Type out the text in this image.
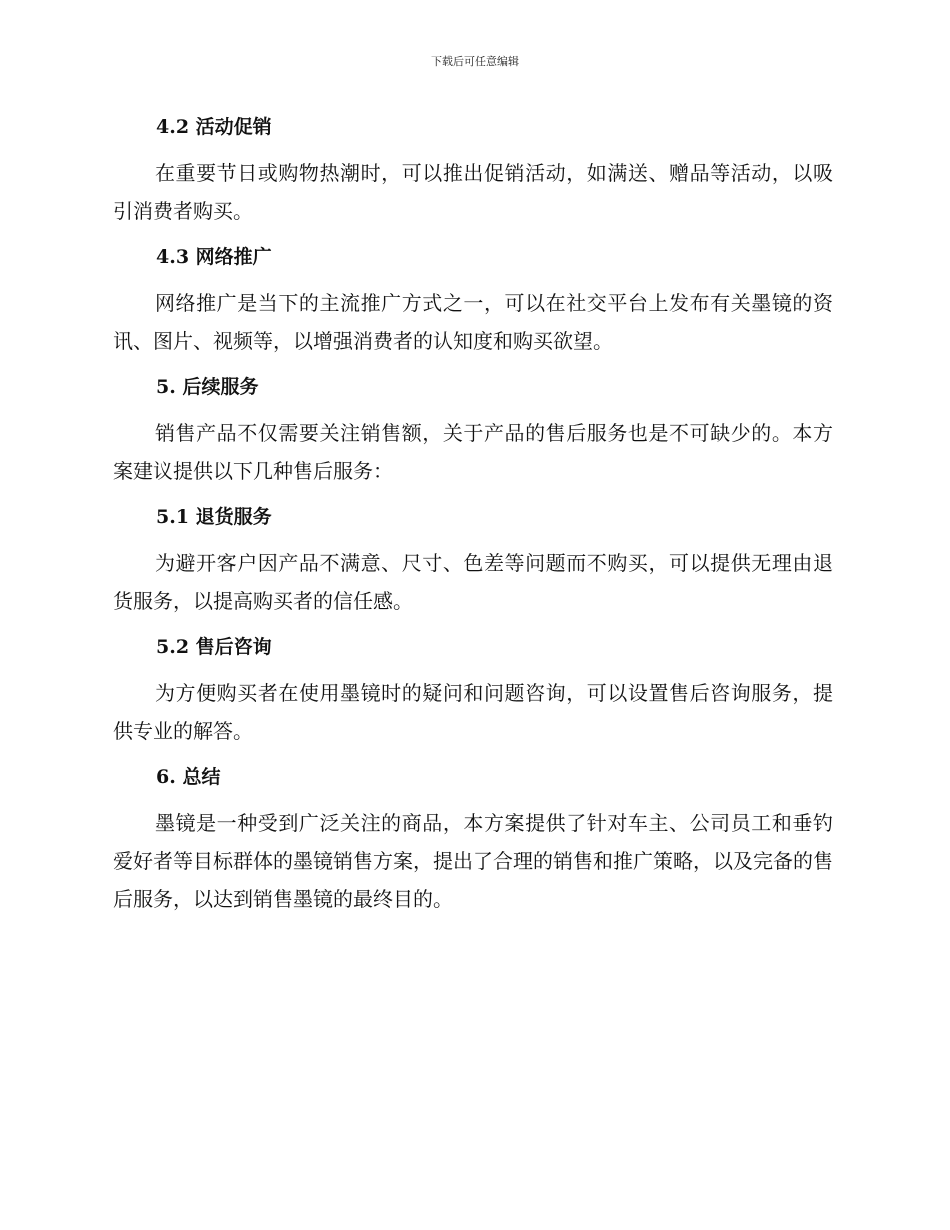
下载后可任意编辑
4.2 活动促销

在重要节日或购物热潮时，可以推出促销活动，如满送、赠品等活动，以吸引消费者购买。

4.3 网络推广

网络推广是当下的主流推广方式之一，可以在社交平台上发布有关墨镜的资讯、图片、视频等，以增强消费者的认知度和购买欲望。

5. 后续服务

销售产品不仅需要关注销售额，关于产品的售后服务也是不可缺少的。本方案建议提供以下几种售后服务：

5.1 退货服务

为避开客户因产品不满意、尺寸、色差等问题而不购买，可以提供无理由退货服务，以提高购买者的信任感。

5.2 售后咨询

为方便购买者在使用墨镜时的疑问和问题咨询，可以设置售后咨询服务，提供专业的解答。

6. 总结

墨镜是一种受到广泛关注的商品，本方案提供了针对车主、公司员工和垂钓爱好者等目标群体的墨镜销售方案，提出了合理的销售和推广策略，以及完备的售后服务，以达到销售墨镜的最终目的。
